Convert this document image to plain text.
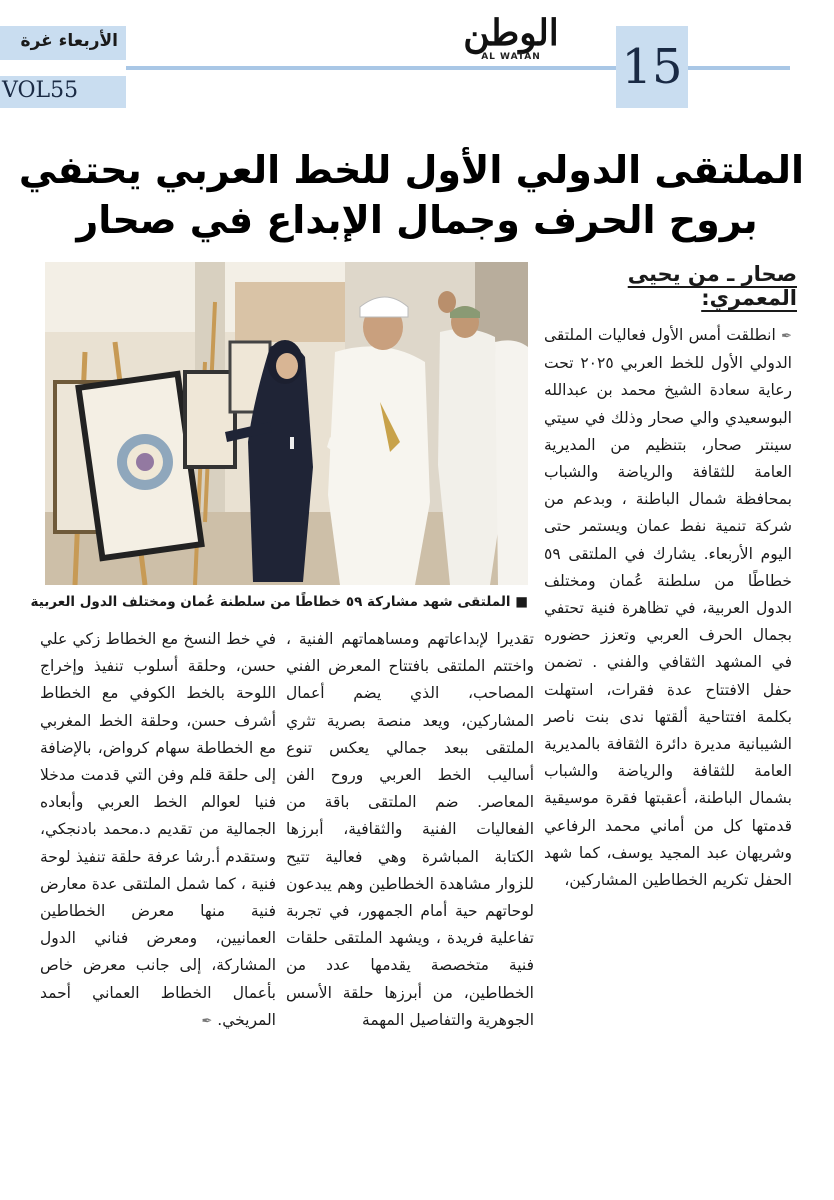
الأربعاء غرة
VOL55
الوطن
AL WATAN	15
الملتقى الدولي الأول للخط العربي يحتفي
بروح الحرف وجمال الإبداع في صحار
صحار ـ من يحيى المعمري:
■ الملتقى شهد مشاركة ٥٩ خطاطًا من سلطنة عُمان ومختلف الدول العربية
✒ انطلقت أمس الأول فعاليات الملتقى الدولي الأول للخط العربي ٢٠٢٥ تحت رعاية سعادة الشيخ محمد بن عبدالله البوسعيدي والي صحار وذلك في سيتي سينتر صحار، بتنظيم من المديرية العامة للثقافة والرياضة والشباب بمحافظة شمال الباطنة ، وبدعم من شركة تنمية نفط عمان ويستمر حتى اليوم الأربعاء. يشارك في الملتقى ٥٩ خطاطًا من سلطنة عُمان ومختلف الدول العربية، في تظاهرة فنية تحتفي بجمال الحرف العربي وتعزز حضوره في المشهد الثقافي والفني . تضمن حفل الافتتاح عدة فقرات، استهلت بكلمة افتتاحية ألقتها ندى بنت ناصر الشيبانية مديرة دائرة الثقافة بالمديرية العامة للثقافة والرياضة والشباب بشمال الباطنة، أعقبتها فقرة موسيقية قدمتها كل من أماني محمد الرفاعي وشريهان عبد المجيد يوسف، كما شهد الحفل تكريم الخطاطين المشاركين،
تقديرا لإبداعاتهم ومساهماتهم الفنية ، واختتم الملتقى بافتتاح المعرض الفني المصاحب، الذي يضم أعمال المشاركين، ويعد منصة بصرية تثري الملتقى ببعد جمالي يعكس تنوع أساليب الخط العربي وروح الفن المعاصر. ضم الملتقى باقة من الفعاليات الفنية والثقافية، أبرزها الكتابة المباشرة وهي فعالية تتيح للزوار مشاهدة الخطاطين وهم يبدعون لوحاتهم حية أمام الجمهور، في تجربة تفاعلية فريدة ، ويشهد الملتقى حلقات فنية متخصصة يقدمها عدد من الخطاطين، من أبرزها حلقة الأسس الجوهرية والتفاصيل المهمة
في خط النسخ مع الخطاط زكي علي حسن، وحلقة أسلوب تنفيذ وإخراج اللوحة بالخط الكوفي مع الخطاط أشرف حسن، وحلقة الخط المغربي مع الخطاطة سهام كرواض، بالإضافة إلى حلقة قلم وفن التي قدمت مدخلا فنيا لعوالم الخط العربي وأبعاده الجمالية من تقديم د.محمد بادنجكي، وستقدم أ.رشا عرفة حلقة تنفيذ لوحة فنية ، كما شمل الملتقى عدة معارض فنية منها معرض الخطاطين العمانيين، ومعرض فناني الدول المشاركة، إلى جانب معرض خاص بأعمال الخطاط العماني أحمد المريخي. ✒
